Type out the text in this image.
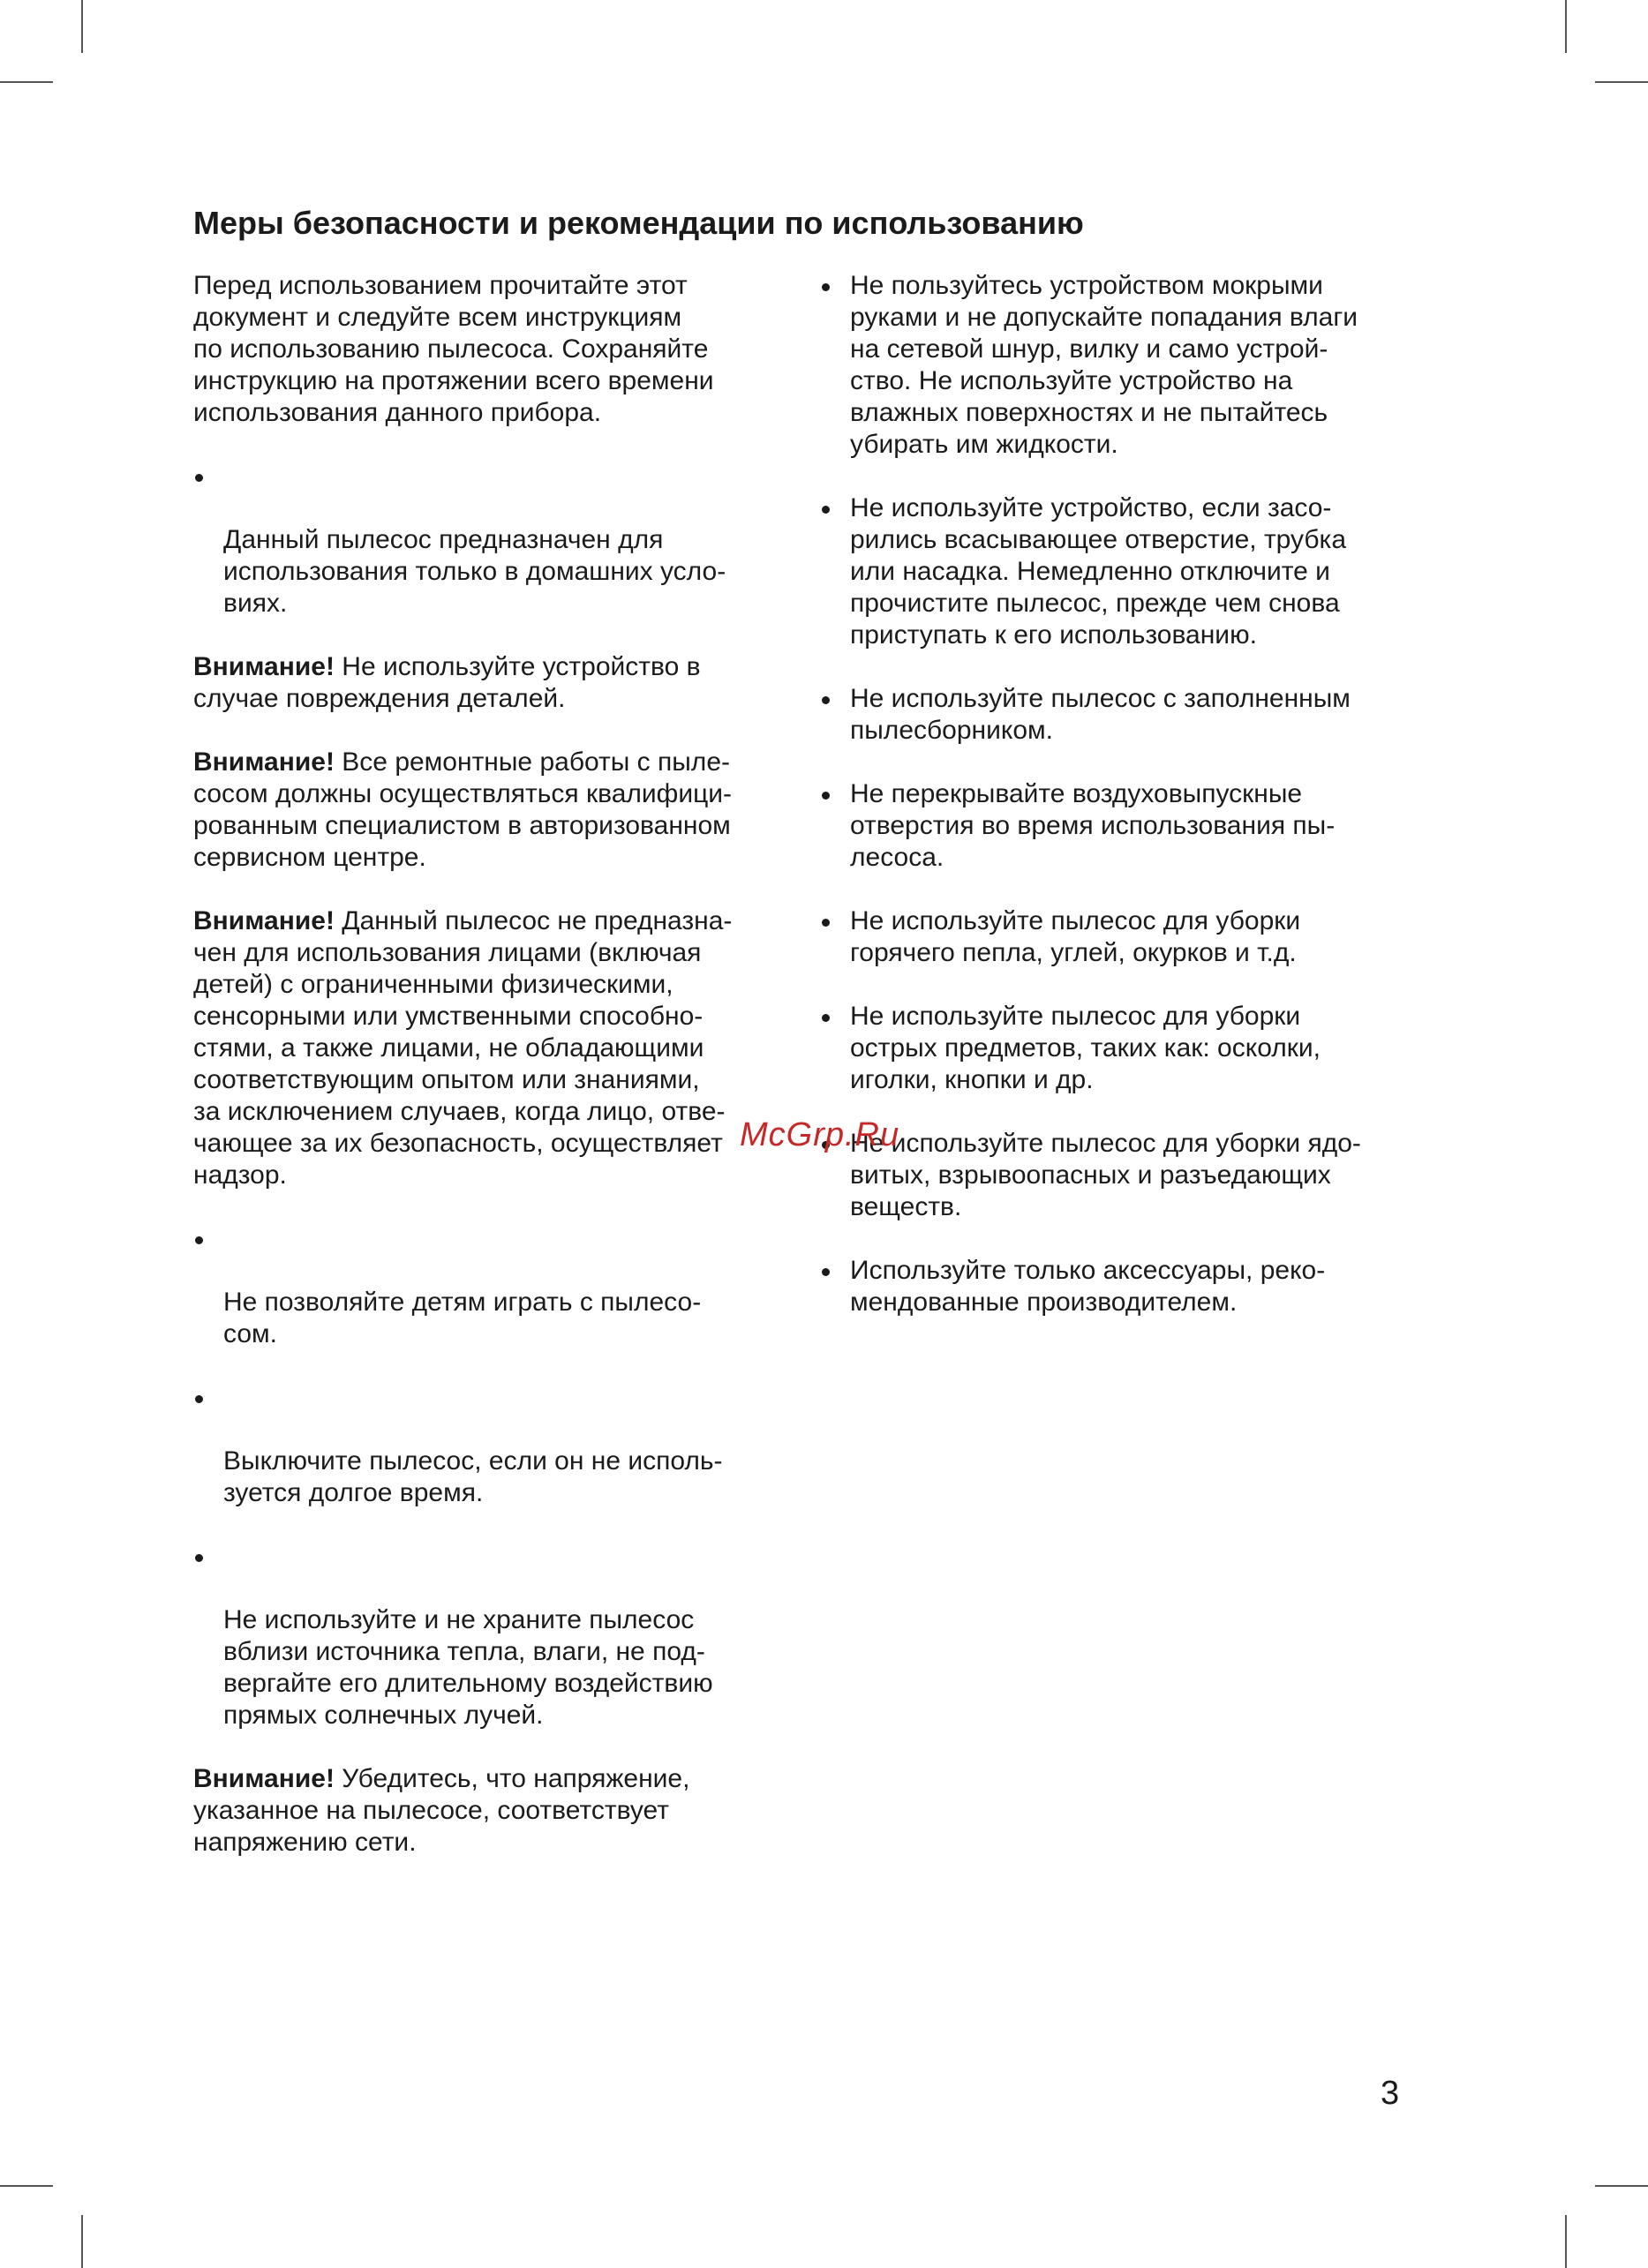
Меры безопасности и рекомендации по использованию

Перед использованием прочитайте этот
документ и следуйте всем инструкциям
по использованию пылесоса. Сохраняйте
инструкцию на протяжении всего времени
использования данного прибора.

Данный пылесос предназначен для
использования только в домашних усло-
виях.

Внимание! Не используйте устройство в
случае повреждения деталей.

Внимание! Все ремонтные работы с пыле-
сосом должны осуществляться квалифици-
рованным специалистом в авторизованном
сервисном центре.

Внимание! Данный пылесос не предназна-
чен для использования лицами (включая
детей) с ограниченными физическими,
сенсорными или умственными способно-
стями, а также лицами, не обладающими
соответствующим опытом или знаниями,
за исключением случаев, когда лицо, отве-
чающее за их безопасность, осуществляет
надзор.

Не позволяйте детям играть с пылесо-
сом.

Выключите пылесос, если он не исполь-
зуется долгое время.

Не используйте и не храните пылесос
вблизи источника тепла, влаги, не под-
вергайте его длительному воздействию
прямых солнечных лучей.

Внимание! Убедитесь, что напряжение,
указанное на пылесосе, соответствует
напряжению сети.

Не пользуйтесь устройством мокрыми
руками и не допускайте попадания влаги
на сетевой шнур, вилку и само устрой-
ство. Не используйте устройство на
влажных поверхностях и не пытайтесь
убирать им жидкости.
Не используйте устройство, если засо-
рились всасывающее отверстие, трубка
или насадка. Немедленно отключите и
прочистите пылесос, прежде чем снова
приступать к его использованию.
Не используйте пылесос с заполненным
пылесборником.
Не перекрывайте воздуховыпускные
отверстия во время использования пы-
лесоса.
Не используйте пылесос для уборки
горячего пепла, углей, окурков и т.д.
Не используйте пылесос для уборки
острых предметов, таких как: осколки,
иголки, кнопки и др.
Не используйте пылесос для уборки ядо-
витых, взрывоопасных и разъедающих
веществ.
Используйте только аксессуары, реко-
мендованные производителем.
McGrp.Ru
3
